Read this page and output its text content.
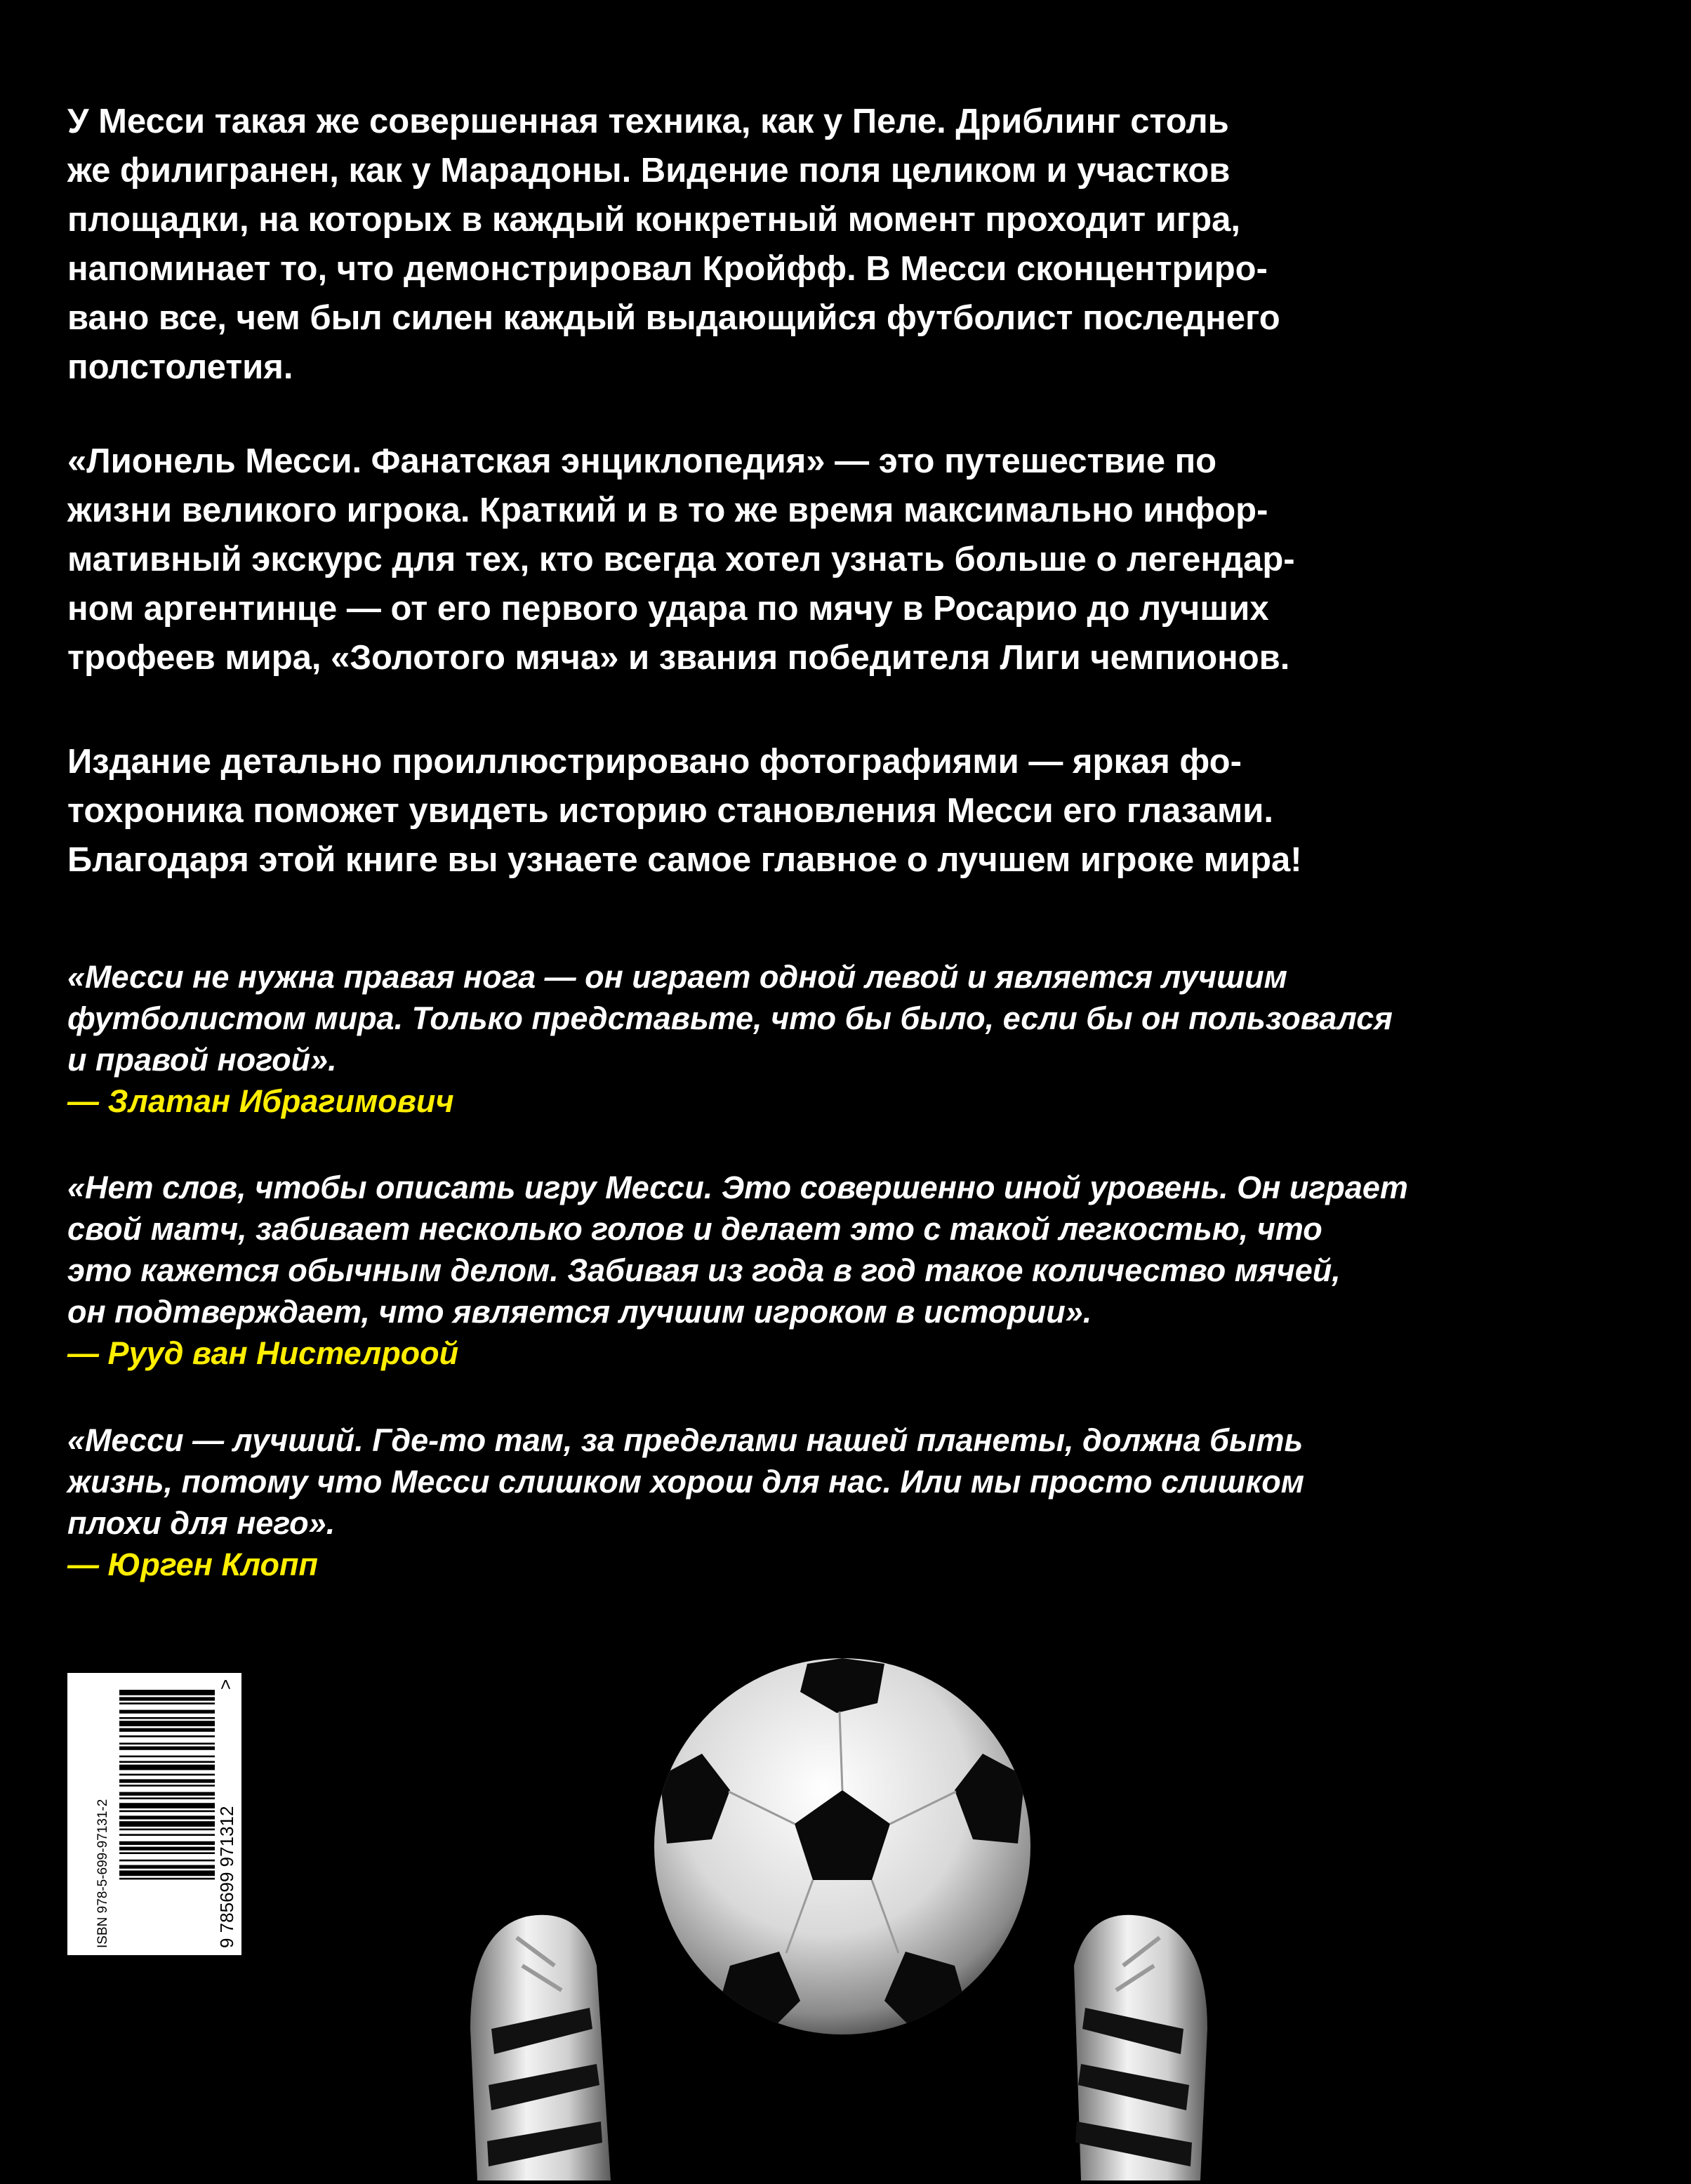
У Месси такая же совершенная техника, как у Пеле. Дриблинг столь
же филигранен, как у Марадоны. Видение поля целиком и участков
площадки, на которых в каждый конкретный момент проходит игра,
напоминает то, что демонстрировал Кройфф. В Месси сконцентриро-
вано все, чем был силен каждый выдающийся футболист последнего
полстолетия.
«Лионель Месси. Фанатская энциклопедия» — это путешествие по
жизни великого игрока. Краткий и в то же время максимально инфор-
мативный экскурс для тех, кто всегда хотел узнать больше о легендар-
ном аргентинце — от его первого удара по мячу в Росарио до лучших
трофеев мира, «Золотого мяча» и звания победителя Лиги чемпионов.
Издание детально проиллюстрировано фотографиями — яркая фо-
тохроника поможет увидеть историю становления Месси его глазами.
Благодаря этой книге вы узнаете самое главное о лучшем игроке мира!
«Месси не нужна правая нога — он играет одной левой и является лучшим
футболистом мира. Только представьте, что бы было, если бы он пользовался
и правой ногой».
— Златан Ибрагимович
«Нет слов, чтобы описать игру Месси. Это совершенно иной уровень. Он играет
свой матч, забивает несколько голов и делает это с такой легкостью, что
это кажется обычным делом. Забивая из года в год такое количество мячей,
он подтверждает, что является лучшим игроком в истории».
— Рууд ван Нистелроой
«Месси — лучший. Где-то там, за пределами нашей планеты, должна быть
жизнь, потому что Месси слишком хорош для нас. Или мы просто слишком
плохи для него».
— Юрген Клопп
ISBN 978-5-699-97131-2	9 785699 971312
>
